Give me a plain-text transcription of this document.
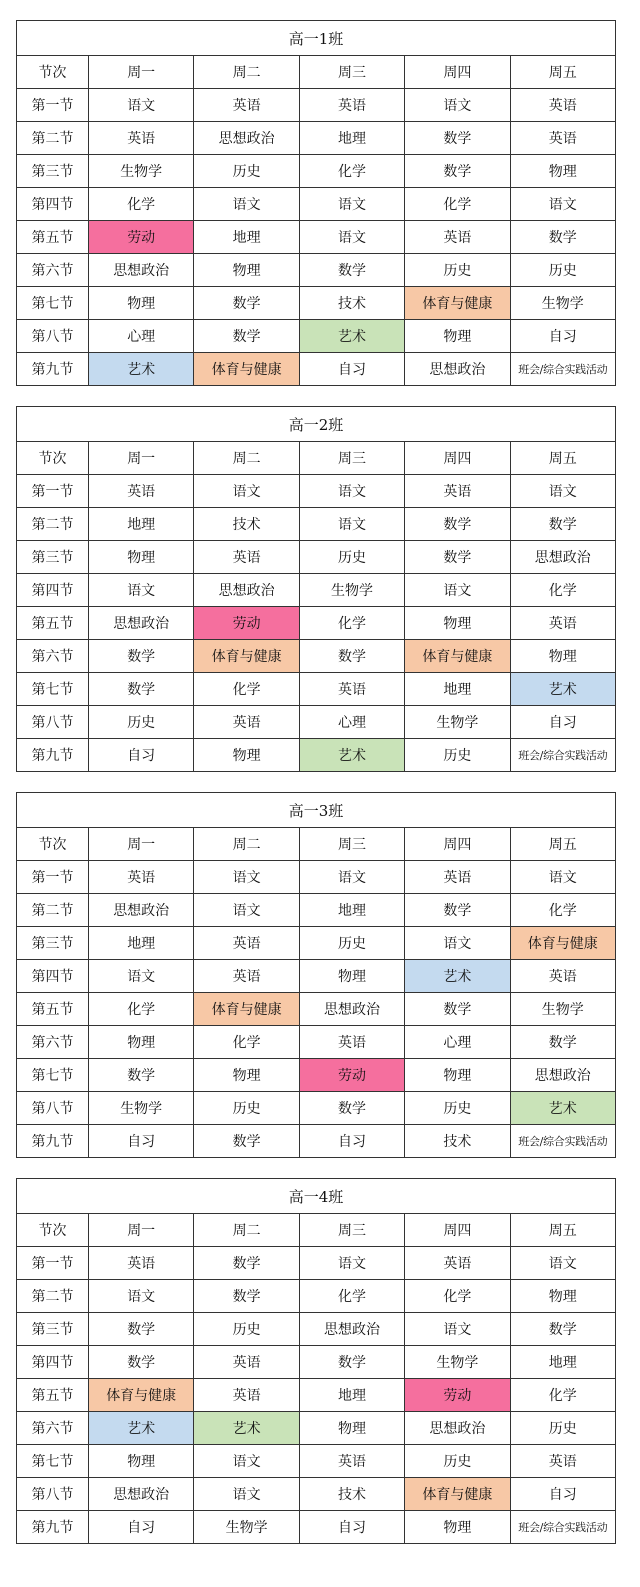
高一1班					
节次	周一	周二	周三	周四	周五
第一节	语文	英语	英语	语文	英语
第二节	英语	思想政治	地理	数学	英语
第三节	生物学	历史	化学	数学	物理
第四节	化学	语文	语文	化学	语文
第五节	劳动	地理	语文	英语	数学
第六节	思想政治	物理	数学	历史	历史
第七节	物理	数学	技术	体育与健康	生物学
第八节	心理	数学	艺术	物理	自习
第九节	艺术	体育与健康	自习	思想政治	班会/综合实践活动
高一2班					
节次	周一	周二	周三	周四	周五
第一节	英语	语文	语文	英语	语文
第二节	地理	技术	语文	数学	数学
第三节	物理	英语	历史	数学	思想政治
第四节	语文	思想政治	生物学	语文	化学
第五节	思想政治	劳动	化学	物理	英语
第六节	数学	体育与健康	数学	体育与健康	物理
第七节	数学	化学	英语	地理	艺术
第八节	历史	英语	心理	生物学	自习
第九节	自习	物理	艺术	历史	班会/综合实践活动
高一3班					
节次	周一	周二	周三	周四	周五
第一节	英语	语文	语文	英语	语文
第二节	思想政治	语文	地理	数学	化学
第三节	地理	英语	历史	语文	体育与健康
第四节	语文	英语	物理	艺术	英语
第五节	化学	体育与健康	思想政治	数学	生物学
第六节	物理	化学	英语	心理	数学
第七节	数学	物理	劳动	物理	思想政治
第八节	生物学	历史	数学	历史	艺术
第九节	自习	数学	自习	技术	班会/综合实践活动
高一4班					
节次	周一	周二	周三	周四	周五
第一节	英语	数学	语文	英语	语文
第二节	语文	数学	化学	化学	物理
第三节	数学	历史	思想政治	语文	数学
第四节	数学	英语	数学	生物学	地理
第五节	体育与健康	英语	地理	劳动	化学
第六节	艺术	艺术	物理	思想政治	历史
第七节	物理	语文	英语	历史	英语
第八节	思想政治	语文	技术	体育与健康	自习
第九节	自习	生物学	自习	物理	班会/综合实践活动
